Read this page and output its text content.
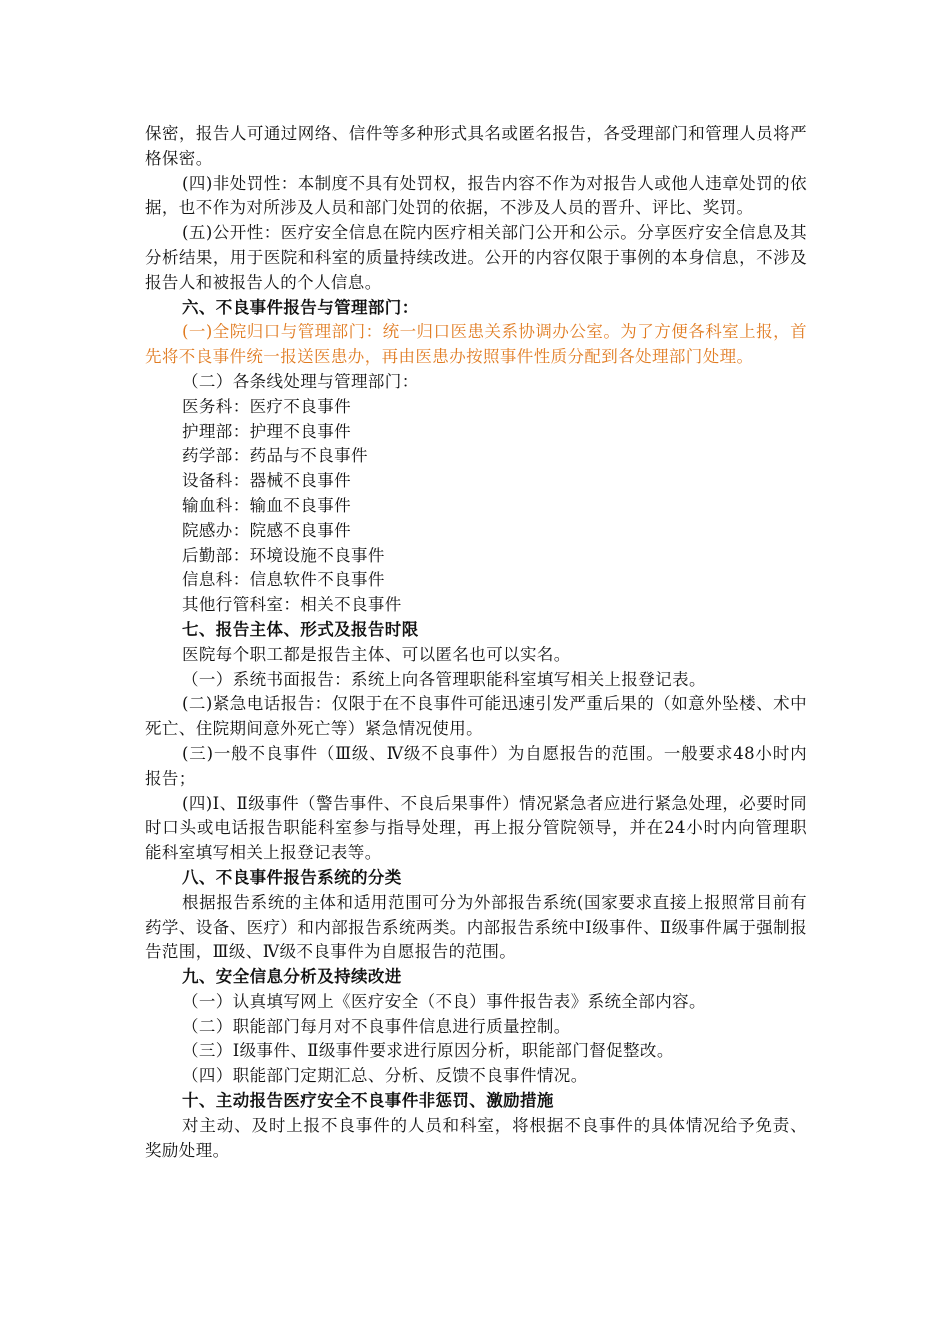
保密，报告人可通过网络、信件等多种形式具名或匿名报告，各受理部门和管理人员将严格保密。

(四)非处罚性：本制度不具有处罚权，报告内容不作为对报告人或他人违章处罚的依据，也不作为对所涉及人员和部门处罚的依据，不涉及人员的晋升、评比、奖罚。

(五)公开性：医疗安全信息在院内医疗相关部门公开和公示。分享医疗安全信息及其分析结果，用于医院和科室的质量持续改进。公开的内容仅限于事例的本身信息，不涉及报告人和被报告人的个人信息。

六、不良事件报告与管理部门：

(一)全院归口与管理部门：统一归口医患关系协调办公室。为了方便各科室上报，首先将不良事件统一报送医患办，再由医患办按照事件性质分配到各处理部门处理。

（二）各条线处理与管理部门：

医务科：医疗不良事件

护理部：护理不良事件

药学部：药品与不良事件

设备科：器械不良事件

输血科：输血不良事件

院感办：院感不良事件

后勤部：环境设施不良事件

信息科：信息软件不良事件

其他行管科室：相关不良事件

七、报告主体、形式及报告时限

医院每个职工都是报告主体、可以匿名也可以实名。

（一）系统书面报告：系统上向各管理职能科室填写相关上报登记表。

(二)紧急电话报告：仅限于在不良事件可能迅速引发严重后果的（如意外坠楼、术中死亡、住院期间意外死亡等）紧急情况使用。

(三)一般不良事件（Ⅲ级、Ⅳ级不良事件）为自愿报告的范围。一般要求48小时内报告；

(四)Ⅰ、Ⅱ级事件（警告事件、不良后果事件）情况紧急者应进行紧急处理，必要时同时口头或电话报告职能科室参与指导处理，再上报分管院领导，并在24小时内向管理职能科室填写相关上报登记表等。

八、不良事件报告系统的分类

根据报告系统的主体和适用范围可分为外部报告系统(国家要求直接上报照常目前有药学、设备、医疗）和内部报告系统两类。内部报告系统中Ⅰ级事件、Ⅱ级事件属于强制报告范围，Ⅲ级、Ⅳ级不良事件为自愿报告的范围。

九、安全信息分析及持续改进

（一）认真填写网上《医疗安全（不良）事件报告表》系统全部内容。

（二）职能部门每月对不良事件信息进行质量控制。

（三）Ⅰ级事件、Ⅱ级事件要求进行原因分析，职能部门督促整改。

（四）职能部门定期汇总、分析、反馈不良事件情况。

十、主动报告医疗安全不良事件非惩罚、激励措施

对主动、及时上报不良事件的人员和科室，将根据不良事件的具体情况给予免责、奖励处理。
